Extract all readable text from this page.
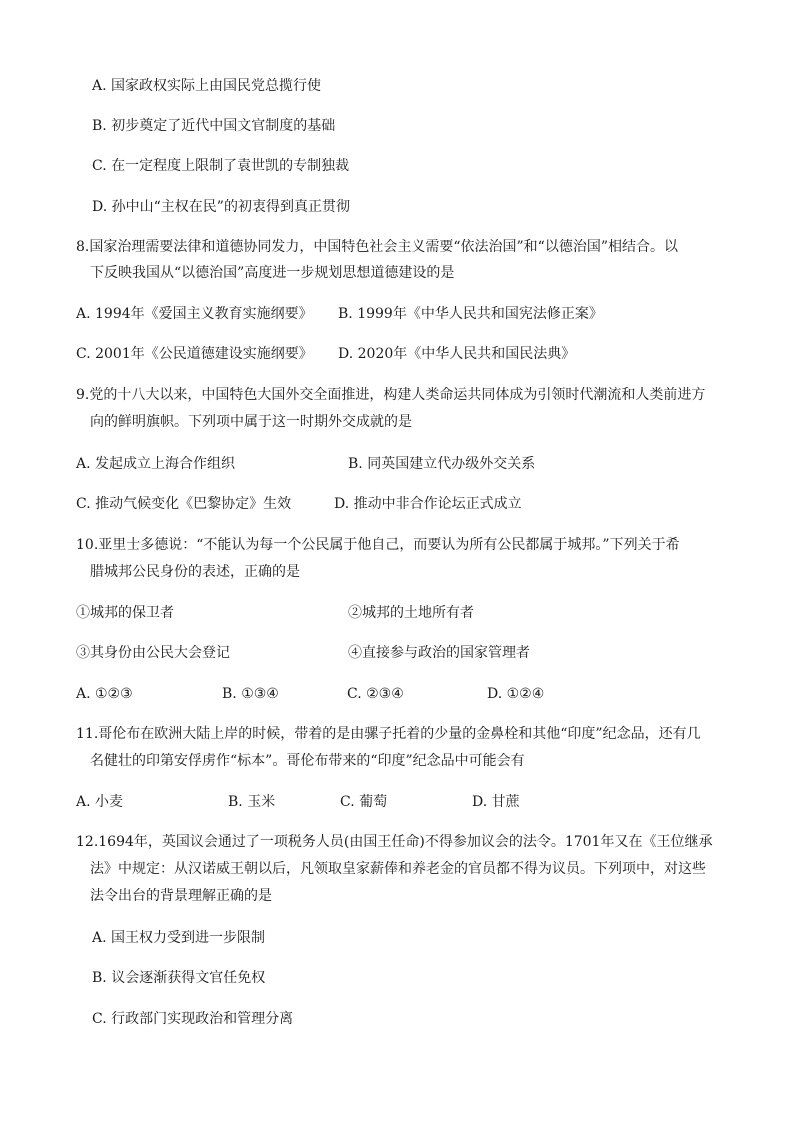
A. 国家政权实际上由国民党总揽行使
B. 初步奠定了近代中国文官制度的基础
C. 在一定程度上限制了袁世凯的专制独裁
D. 孙中山“主权在民”的初衷得到真正贯彻
8.国家治理需要法律和道德协同发力，中国特色社会主义需要“依法治国”和“以德治国”相结合。以
下反映我国从“以德治国”高度进一步规划思想道德建设的是
A. 1994年《爱国主义教育实施纲要》 B. 1999年《中华人民共和国宪法修正案》
C. 2001年《公民道德建设实施纲要》 D. 2020年《中华人民共和国民法典》
9.党的十八大以来，中国特色大国外交全面推进，构建人类命运共同体成为引领时代潮流和人类前进方
向的鲜明旗帜。下列项中属于这一时期外交成就的是
A. 发起成立上海合作组织	B. 同英国建立代办级外交关系
C. 推动气候变化《巴黎协定》生效	D. 推动中非合作论坛正式成立
10.亚里士多德说：“不能认为每一个公民属于他自己，而要认为所有公民都属于城邦。”下列关于希
腊城邦公民身份的表述，正确的是
①城邦的保卫者	②城邦的土地所有者
③其身份由公民大会登记	④直接参与政治的国家管理者
A. ①②③	B. ①③④	C. ②③④	D. ①②④
11.哥伦布在欧洲大陆上岸的时候，带着的是由骡子托着的少量的金鼻栓和其他“印度”纪念品，还有几
名健壮的印第安俘虏作“标本”。哥伦布带来的“印度”纪念品中可能会有
A. 小麦	B. 玉米	C. 葡萄	D. 甘蔗
12.1694年，英国议会通过了一项税务人员(由国王任命)不得参加议会的法令。1701年又在《王位继承
法》中规定：从汉诺威王朝以后，凡领取皇家薪俸和养老金的官员都不得为议员。下列项中，对这些
法令出台的背景理解正确的是
A. 国王权力受到进一步限制
B. 议会逐渐获得文官任免权
C. 行政部门实现政治和管理分离
